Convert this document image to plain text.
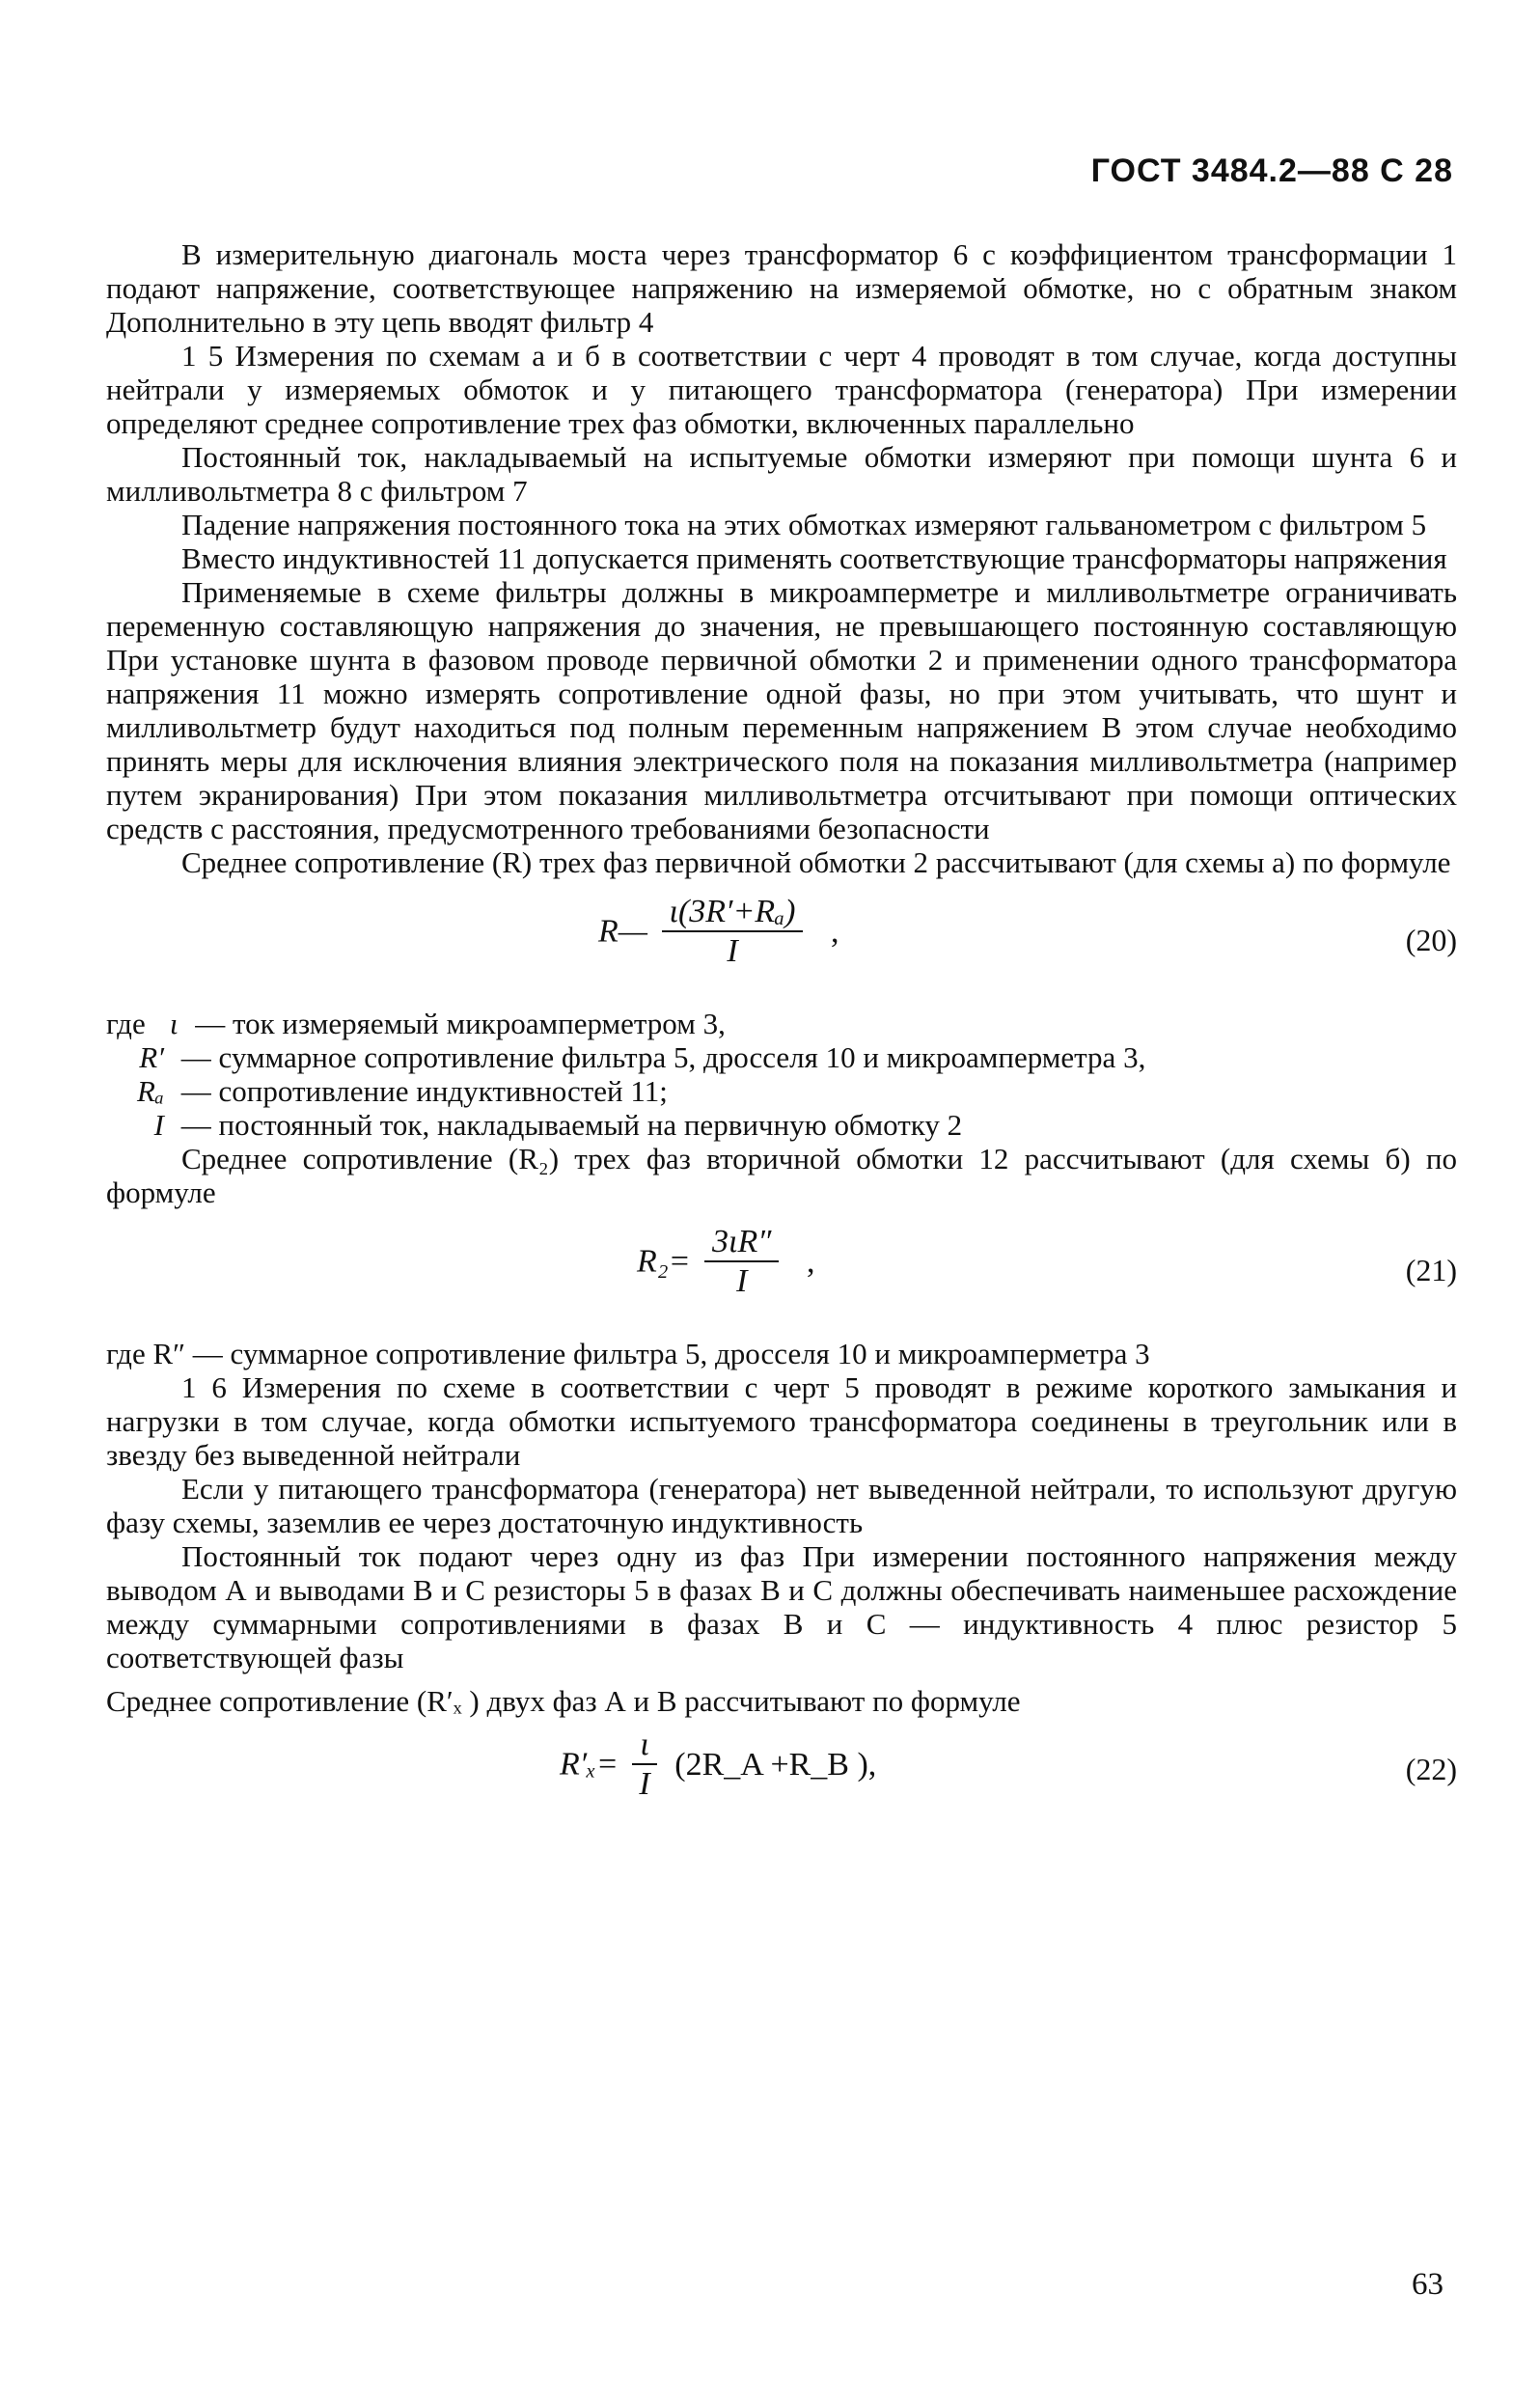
ГОСТ 3484.2—88 С 28

В измерительную диагональ моста через трансформатор 6 с коэффициентом трансформации 1 подают напряжение, соответствующее напряжению на измеряемой обмотке, но с обратным знаком Дополнительно в эту цепь вводят фильтр 4

1 5 Измерения по схемам а и б в соответствии с черт 4 проводят в том случае, когда доступны нейтрали у измеряемых обмоток и у питающего трансформатора (генератора) При измерении определяют среднее сопротивление трех фаз обмотки, включенных параллельно

Постоянный ток, накладываемый на испытуемые обмотки измеряют при помощи шунта 6 и милливольтметра 8 с фильтром 7

Падение напряжения постоянного тока на этих обмотках измеряют гальванометром с фильтром 5

Вместо индуктивностей 11 допускается применять соответствующие трансформаторы напряжения

Применяемые в схеме фильтры должны в микроамперметре и милливольтметре ограничивать переменную составляющую напряжения до значения, не превышающего постоянную составляющую При установке шунта в фазовом проводе первичной обмотки 2 и применении одного трансформатора напряжения 11 можно измерять сопротивление одной фазы, но при этом учитывать, что шунт и милливольтметр будут находиться под полным переменным напряжением В этом случае необходимо принять меры для исключения влияния электрического поля на показания милливольтметра (например путем экранирования) При этом показания милливольтметра отсчитывают при помощи оптических средств с расстояния, предусмотренного требованиями безопасности

Среднее сопротивление (R) трех фаз первичной обмотки 2 рассчитывают (для схемы а) по формуле

R— $\frac{\text{ι(3R′+Rₐ)}}{I}$ ,	(20)
где ι — ток измеряемый микроамперметром 3,
R′ — суммарное сопротивление фильтра 5, дросселя 10 и микроамперметра 3,
Rₐ — сопротивление индуктивностей 11;
I — постоянный ток, накладываемый на первичную обмотку 2

Среднее сопротивление (R₂) трех фаз вторичной обмотки 12 рассчитывают (для схемы б) по формуле

$R_2= \frac{3\iota R''}{I}$ ,	(21)

где R″ — суммарное сопротивление фильтра 5, дросселя 10 и микроамперметра 3

1 6 Измерения по схеме в соответствии с черт 5 проводят в режиме короткого замыкания и нагрузки в том случае, когда обмотки испытуемого трансформатора соединены в треугольник или в звезду без выведенной нейтрали

Если у питающего трансформатора (генератора) нет выведенной нейтрали, то используют другую фазу схемы, заземлив ее через достаточную индуктивность

Постоянный ток подают через одну из фаз При измерении постоянного напряжения между выводом А и выводами В и С резисторы 5 в фазах В и С должны обеспечивать наименьшее расхождение между суммарными сопротивлениями в фазах В и С — индуктивность 4 плюс резистор 5 соответствующей фазы

Среднее сопротивление (R′ₓ ) двух фаз А и В рассчитывают по формуле

$R'_x= \frac{\iota}{I}$ (2R_A +R_B ),	(22)
63
